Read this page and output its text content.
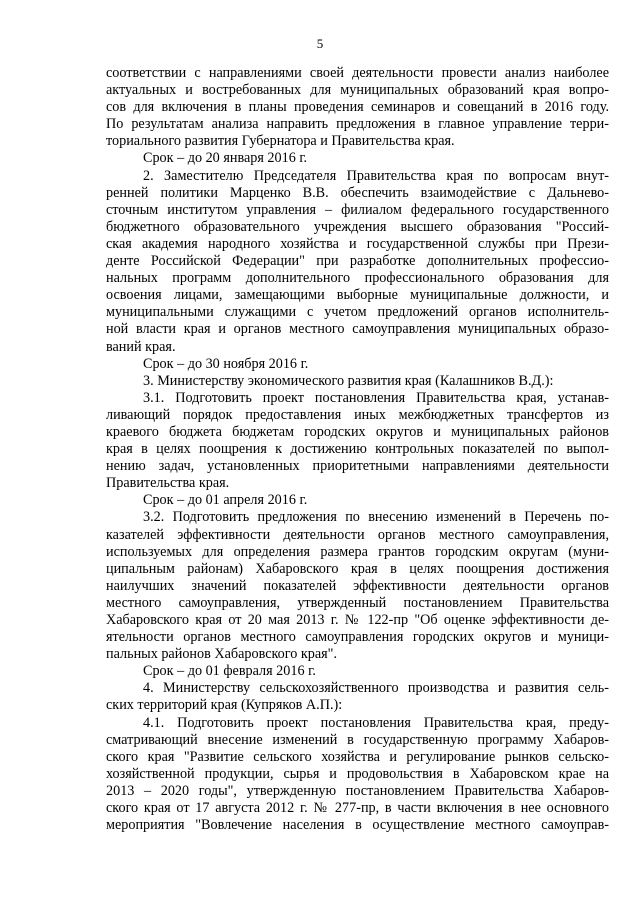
5
соответствии с направлениями своей деятельности провести анализ наиболее
актуальных и востребованных для муниципальных образований края вопро-
сов для включения в планы проведения семинаров и совещаний в 2016 году.
По результатам анализа направить предложения в главное управление терри-
ториального развития Губернатора и Правительства края.
Срок – до 20 января 2016 г.
2. Заместителю Председателя Правительства края по вопросам внут-
ренней политики Марценко В.В. обеспечить взаимодействие с Дальнево-
сточным институтом управления – филиалом федерального государственного
бюджетного образовательного учреждения высшего образования "Россий-
ская академия народного хозяйства и государственной службы при Прези-
денте Российской Федерации" при разработке дополнительных профессио-
нальных программ дополнительного профессионального образования для
освоения лицами, замещающими выборные муниципальные должности, и
муниципальными служащими с учетом предложений органов исполнитель-
ной власти края и органов местного самоуправления муниципальных образо-
ваний края.
Срок – до 30 ноября 2016 г.
3. Министерству экономического развития края (Калашников В.Д.):
3.1. Подготовить проект постановления Правительства края, устанав-
ливающий порядок предоставления иных межбюджетных трансфертов из
краевого бюджета бюджетам городских округов и муниципальных районов
края в целях поощрения к достижению контрольных показателей по выпол-
нению задач, установленных приоритетными направлениями деятельности
Правительства края.
Срок – до 01 апреля 2016 г.
3.2. Подготовить предложения по внесению изменений в Перечень по-
казателей эффективности деятельности органов местного самоуправления,
используемых для определения размера грантов городским округам (муни-
ципальным районам) Хабаровского края в целях поощрения достижения
наилучших значений показателей эффективности деятельности органов
местного самоуправления, утвержденный постановлением Правительства
Хабаровского края от 20 мая 2013 г. № 122-пр "Об оценке эффективности де-
ятельности органов местного самоуправления городских округов и муници-
пальных районов Хабаровского края".
Срок – до 01 февраля 2016 г.
4. Министерству сельскохозяйственного производства и развития сель-
ских территорий края (Купряков А.П.):
4.1. Подготовить проект постановления Правительства края, преду-
сматривающий внесение изменений в государственную программу Хабаров-
ского края "Развитие сельского хозяйства и регулирование рынков сельско-
хозяйственной продукции, сырья и продовольствия в Хабаровском крае на
2013 – 2020 годы", утвержденную постановлением Правительства Хабаров-
ского края от 17 августа 2012 г. № 277-пр, в части включения в нее основного
мероприятия "Вовлечение населения в осуществление местного самоуправ-
